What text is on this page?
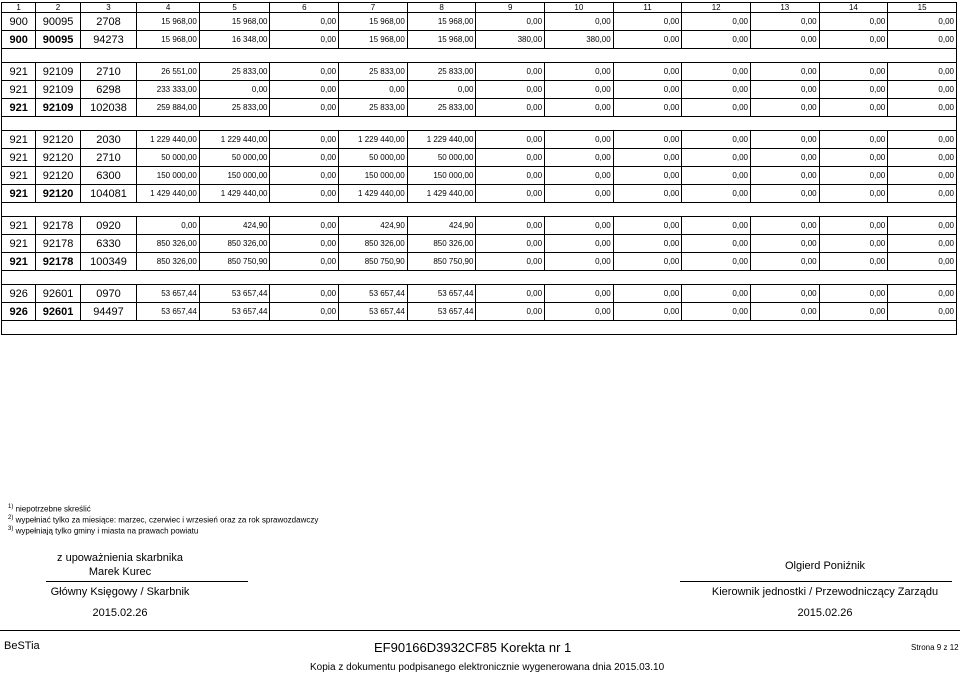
1	2	3	4	5	6	7	8	9	10	11	12	13	14	15
900	90095	2708	15 968,00	15 968,00	0,00	15 968,00	15 968,00	0,00	0,00	0,00	0,00	0,00	0,00	0,00
900	90095	94273	15 968,00	16 348,00	0,00	15 968,00	15 968,00	380,00	380,00	0,00	0,00	0,00	0,00	0,00

921	92109	2710	26 551,00	25 833,00	0,00	25 833,00	25 833,00	0,00	0,00	0,00	0,00	0,00	0,00	0,00
921	92109	6298	233 333,00	0,00	0,00	0,00	0,00	0,00	0,00	0,00	0,00	0,00	0,00	0,00
921	92109	102038	259 884,00	25 833,00	0,00	25 833,00	25 833,00	0,00	0,00	0,00	0,00	0,00	0,00	0,00

921	92120	2030	1 229 440,00	1 229 440,00	0,00	1 229 440,00	1 229 440,00	0,00	0,00	0,00	0,00	0,00	0,00	0,00
921	92120	2710	50 000,00	50 000,00	0,00	50 000,00	50 000,00	0,00	0,00	0,00	0,00	0,00	0,00	0,00
921	92120	6300	150 000,00	150 000,00	0,00	150 000,00	150 000,00	0,00	0,00	0,00	0,00	0,00	0,00	0,00
921	92120	104081	1 429 440,00	1 429 440,00	0,00	1 429 440,00	1 429 440,00	0,00	0,00	0,00	0,00	0,00	0,00	0,00

921	92178	0920	0,00	424,90	0,00	424,90	424,90	0,00	0,00	0,00	0,00	0,00	0,00	0,00
921	92178	6330	850 326,00	850 326,00	0,00	850 326,00	850 326,00	0,00	0,00	0,00	0,00	0,00	0,00	0,00
921	92178	100349	850 326,00	850 750,90	0,00	850 750,90	850 750,90	0,00	0,00	0,00	0,00	0,00	0,00	0,00

926	92601	0970	53 657,44	53 657,44	0,00	53 657,44	53 657,44	0,00	0,00	0,00	0,00	0,00	0,00	0,00
926	92601	94497	53 657,44	53 657,44	0,00	53 657,44	53 657,44	0,00	0,00	0,00	0,00	0,00	0,00	0,00

$^{1)}$ niepotrzebne skreślić
$^{2)}$ wypełniać tylko za miesiące: marzec, czerwiec i wrzesień oraz za rok sprawozdawczy
$^{3)}$ wypełniają tylko gminy i miasta na prawach powiatu
z upoważnienia skarbnika
Marek Kurec
Główny Księgowy / Skarbnik
2015.02.26
Olgierd Poniźnik
Kierownik jednostki / Przewodniczący Zarządu
2015.02.26
BeSTia	EF90166D3932CF85 Korekta nr 1	Strona 9 z 12
Kopia z dokumentu podpisanego elektronicznie wygenerowana dnia 2015.03.10
